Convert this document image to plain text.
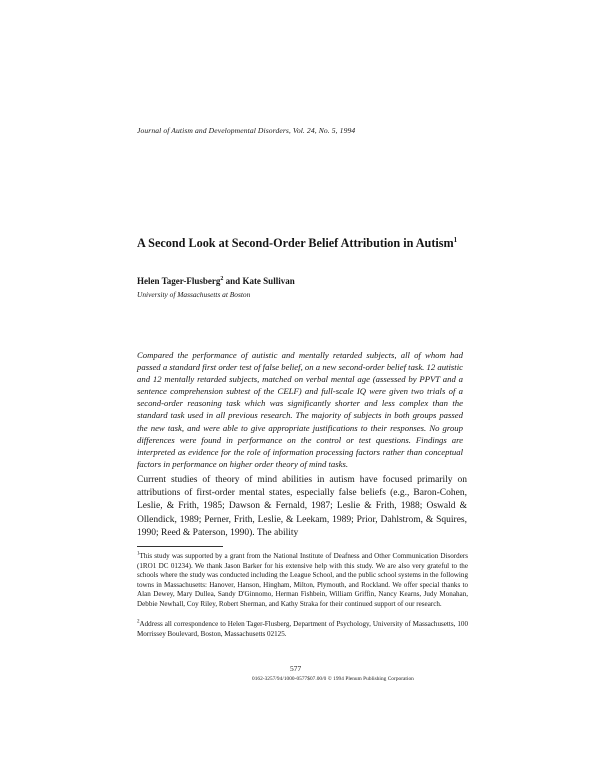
Journal of Autism and Developmental Disorders, Vol. 24, No. 5, 1994
A Second Look at Second-Order Belief Attribution in Autism$^1$
Helen Tager-Flusberg$^2$ and Kate Sullivan
University of Massachusetts at Boston
Compared the performance of autistic and mentally retarded subjects, all of whom had passed a standard first order test of false belief, on a new second-order belief task. 12 autistic and 12 mentally retarded subjects, matched on verbal mental age (assessed by PPVT and a sentence comprehension subtest of the CELF) and full-scale IQ were given two trials of a second-order reasoning task which was significantly shorter and less complex than the standard task used in all previous research. The majority of subjects in both groups passed the new task, and were able to give appropriate justifications to their responses. No group differences were found in performance on the control or test questions. Findings are interpreted as evidence for the role of information processing factors rather than conceptual factors in performance on higher order theory of mind tasks.
Current studies of theory of mind abilities in autism have focused primarily on attributions of first-order mental states, especially false beliefs (e.g., Baron-Cohen, Leslie, & Frith, 1985; Dawson & Fernald, 1987; Leslie & Frith, 1988; Oswald & Ollendick, 1989; Perner, Frith, Leslie, & Leekam, 1989; Prior, Dahlstrom, & Squires, 1990; Reed & Paterson, 1990). The ability
$^1$This study was supported by a grant from the National Institute of Deafness and Other Communication Disorders (1RO1 DC 01234). We thank Jason Barker for his extensive help with this study. We are also very grateful to the schools where the study was conducted including the League School, and the public school systems in the following towns in Massachusetts: Hanover, Hanson, Hingham, Milton, Plymouth, and Rockland. We offer special thanks to Alan Dewey, Mary Dullea, Sandy D'Ginnomo, Herman Fishbein, William Griffin, Nancy Kearns, Judy Monahan, Debbie Newhall, Coy Riley, Robert Sherman, and Kathy Straka for their continued support of our research.
$^2$Address all correspondence to Helen Tager-Flusberg, Department of Psychology, University of Massachusetts, 100 Morrissey Boulevard, Boston, Massachusetts 02125.
577
0162-3257/94/1000-0577$07.00/0 © 1994 Plenum Publishing Corporation
